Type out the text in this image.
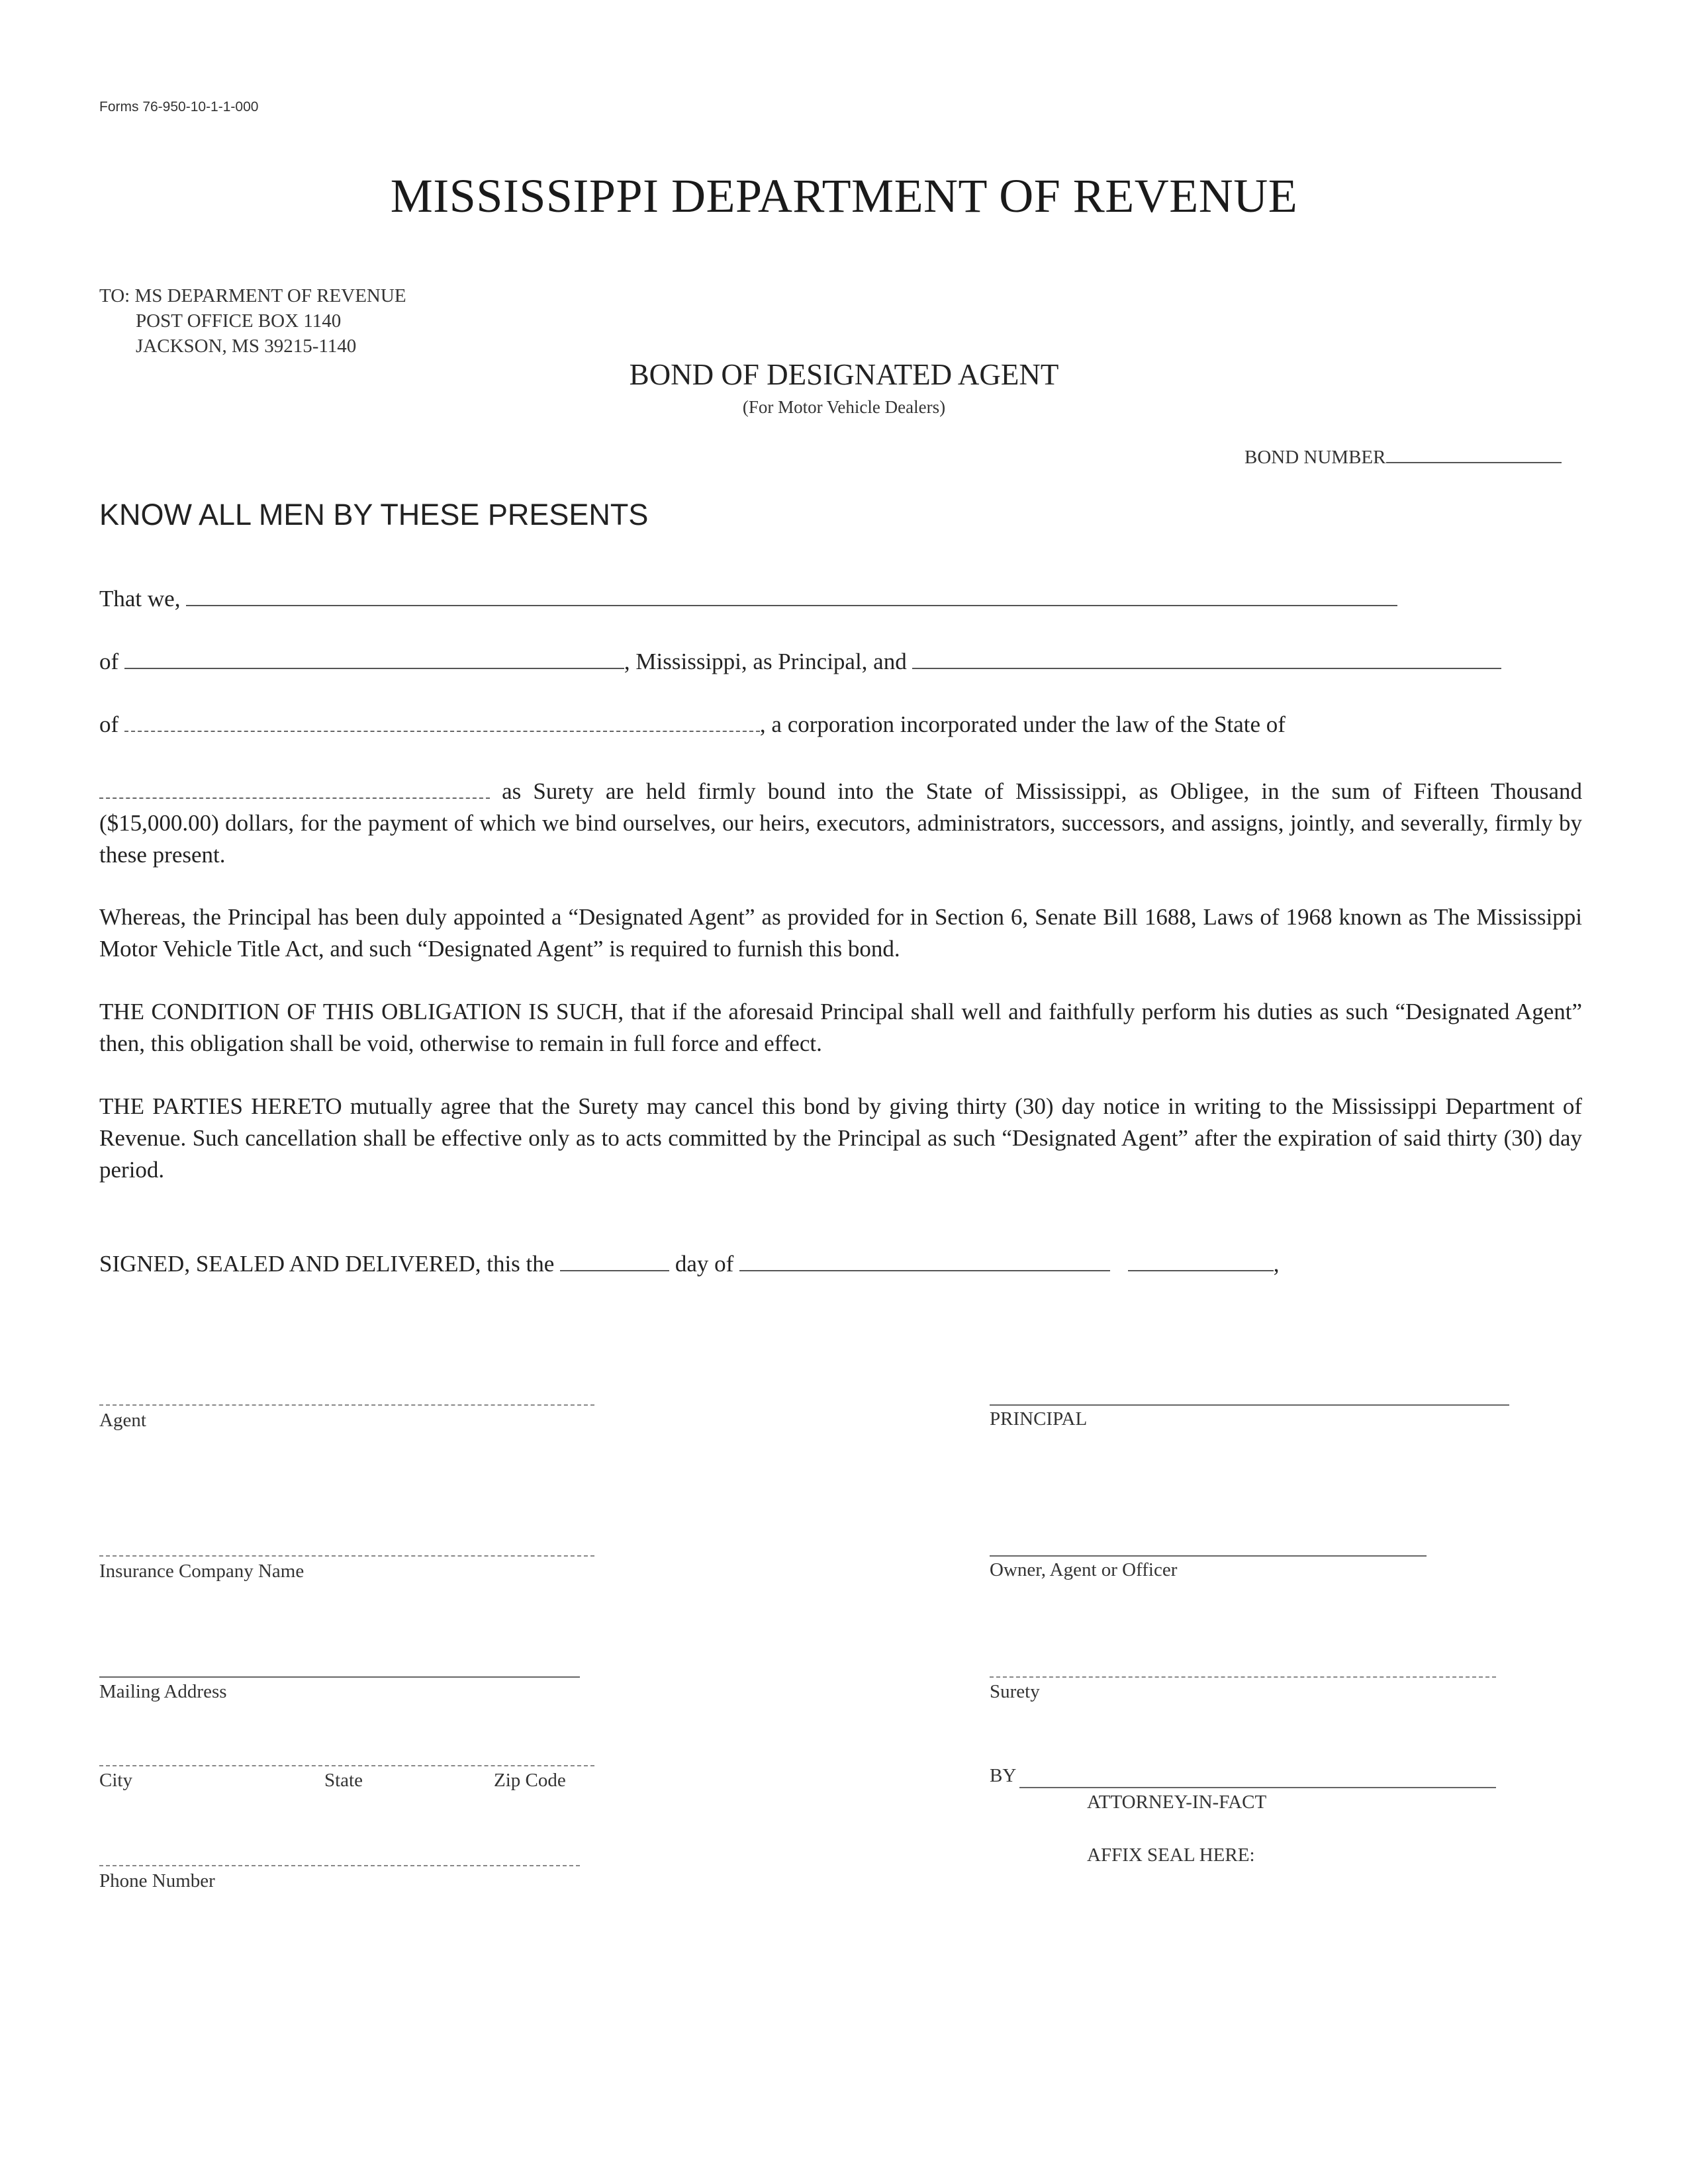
Forms 76-950-10-1-1-000
MISSISSIPPI DEPARTMENT OF REVENUE
TO: MS DEPARMENT OF REVENUE
POST OFFICE BOX 1140
JACKSON, MS 39215-1140
BOND OF DESIGNATED AGENT
(For Motor Vehicle Dealers)
BOND NUMBER
KNOW ALL MEN BY THESE PRESENTS
That we,
of	, Mississippi, as Principal, and
of	, a corporation incorporated under the law of the State of
as Surety are held firmly bound into the State of Mississippi, as Obligee, in the sum of Fifteen Thousand ($15,000.00) dollars, for the payment of which we bind ourselves, our heirs, executors, administrators, successors, and assigns, jointly, and severally, firmly by these present.
Whereas, the Principal has been duly appointed a “Designated Agent” as provided for in Section 6, Senate Bill 1688, Laws of 1968 known as The Mississippi Motor Vehicle Title Act, and such “Designated Agent” is required to furnish this bond.
THE CONDITION OF THIS OBLIGATION IS SUCH, that if the aforesaid Principal shall well and faithfully perform his duties as such “Designated Agent” then, this obligation shall be void, otherwise to remain in full force and effect.
THE PARTIES HERETO mutually agree that the Surety may cancel this bond by giving thirty (30) day notice in writing to the Mississippi Department of Revenue. Such cancellation shall be effective only as to acts committed by the Principal as such “Designated Agent” after the expiration of said thirty (30) day period.
SIGNED, SEALED AND DELIVERED, this the	day of	,
Agent
Insurance Company Name
Mailing Address
City	State	Zip Code
Phone Number
PRINCIPAL
Owner, Agent or Officer
Surety
BY
ATTORNEY-IN-FACT
AFFIX SEAL HERE:
